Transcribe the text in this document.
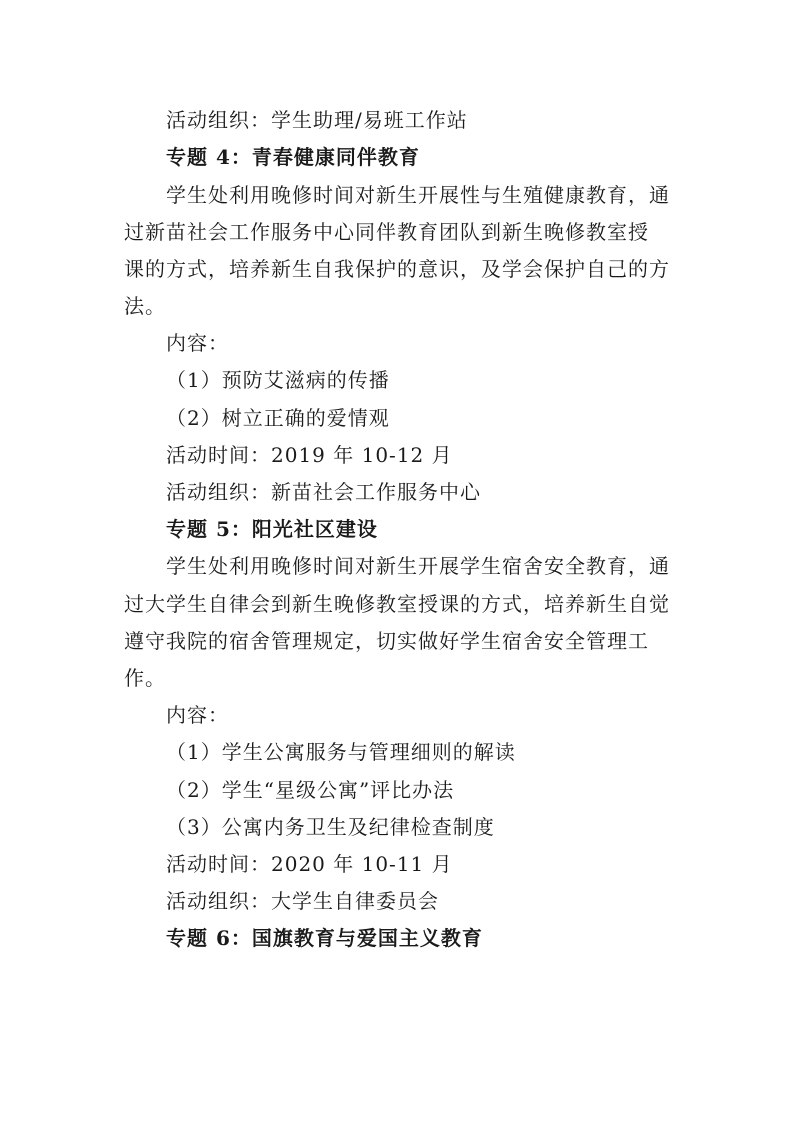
活动组织：学生助理/易班工作站
专题 4：青春健康同伴教育
学生处利用晚修时间对新生开展性与生殖健康教育，通
过新苗社会工作服务中心同伴教育团队到新生晚修教室授
课的方式，培养新生自我保护的意识，及学会保护自己的方
法。
内容：
（1）预防艾滋病的传播
（2）树立正确的爱情观
活动时间：2019 年 10-12 月
活动组织：新苗社会工作服务中心
专题 5：阳光社区建设
学生处利用晚修时间对新生开展学生宿舍安全教育，通
过大学生自律会到新生晚修教室授课的方式，培养新生自觉
遵守我院的宿舍管理规定，切实做好学生宿舍安全管理工
作。
内容：
（1）学生公寓服务与管理细则的解读
（2）学生“星级公寓”评比办法
（3）公寓内务卫生及纪律检查制度
活动时间：2020 年 10-11 月
活动组织：大学生自律委员会
专题 6：国旗教育与爱国主义教育
